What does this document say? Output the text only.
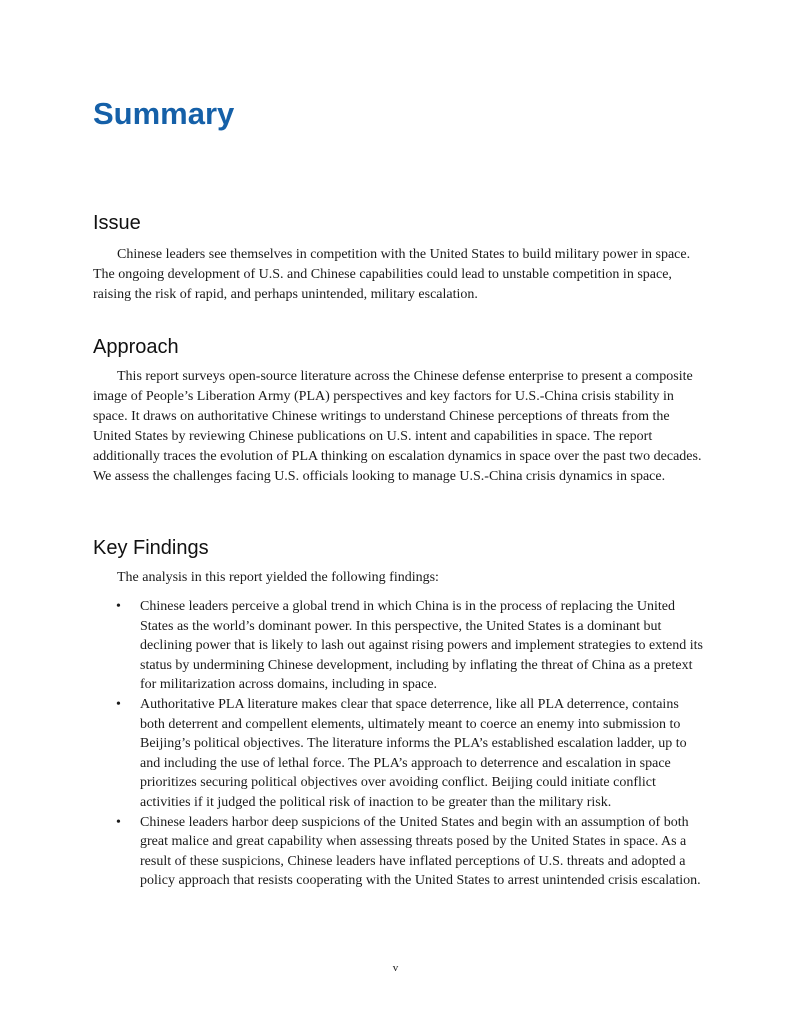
Summary
Issue

Chinese leaders see themselves in competition with the United States to build military power in space. The ongoing development of U.S. and Chinese capabilities could lead to unstable competition in space, raising the risk of rapid, and perhaps unintended, military escalation.

Approach

This report surveys open-source literature across the Chinese defense enterprise to present a composite image of People’s Liberation Army (PLA) perspectives and key factors for U.S.-China crisis stability in space. It draws on authoritative Chinese writings to understand Chinese perceptions of threats from the United States by reviewing Chinese publications on U.S. intent and capabilities in space. The report additionally traces the evolution of PLA thinking on escalation dynamics in space over the past two decades. We assess the challenges facing U.S. officials looking to manage U.S.-China crisis dynamics in space.

Key Findings

The analysis in this report yielded the following findings:

• Chinese leaders perceive a global trend in which China is in the process of replacing the United States as the world’s dominant power. In this perspective, the United States is a dominant but declining power that is likely to lash out against rising powers and implement strategies to extend its status by undermining Chinese development, including by inflating the threat of China as a pretext for militarization across domains, including in space.
• Authoritative PLA literature makes clear that space deterrence, like all PLA deterrence, contains both deterrent and compellent elements, ultimately meant to coerce an enemy into submission to Beijing’s political objectives. The literature informs the PLA’s established escalation ladder, up to and including the use of lethal force. The PLA’s approach to deterrence and escalation in space prioritizes securing political objectives over avoiding conflict. Beijing could initiate conflict activities if it judged the political risk of inaction to be greater than the military risk.
• Chinese leaders harbor deep suspicions of the United States and begin with an assumption of both great malice and great capability when assessing threats posed by the United States in space. As a result of these suspicions, Chinese leaders have inflated perceptions of U.S. threats and adopted a policy approach that resists cooperating with the United States to arrest unintended crisis escalation.
v
